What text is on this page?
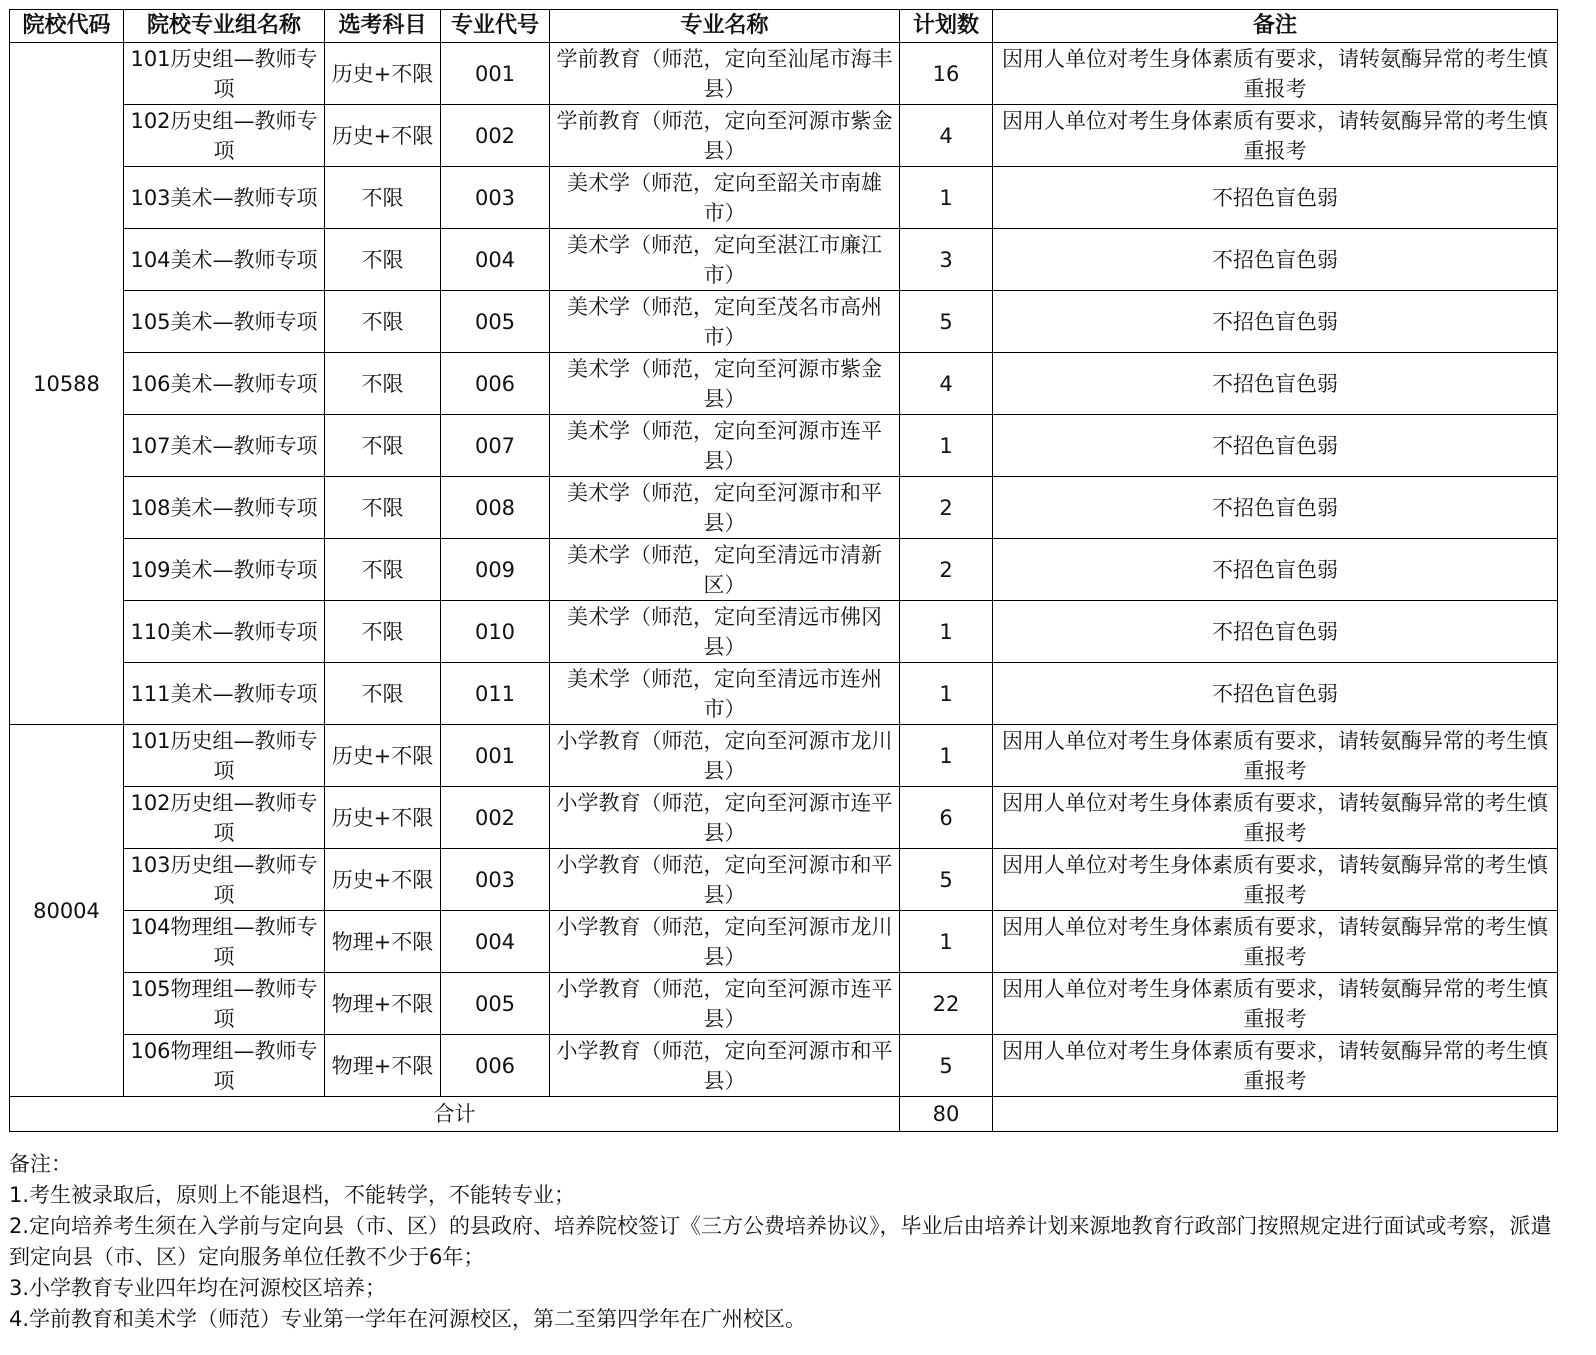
院校代码	院校专业组名称	选考科目	专业代号	专业名称	计划数	备注
10588	101历史组—教师专项	历史+不限	001	学前教育（师范，定向至汕尾市海丰县）	16	因用人单位对考生身体素质有要求，请转氨酶异常的考生慎重报考
	102历史组—教师专项	历史+不限	002	学前教育（师范，定向至河源市紫金县）	4	因用人单位对考生身体素质有要求，请转氨酶异常的考生慎重报考
	103美术—教师专项	不限	003	美术学（师范，定向至韶关市南雄市）	1	不招色盲色弱
	104美术—教师专项	不限	004	美术学（师范，定向至湛江市廉江市）	3	不招色盲色弱
	105美术—教师专项	不限	005	美术学（师范，定向至茂名市高州市）	5	不招色盲色弱
	106美术—教师专项	不限	006	美术学（师范，定向至河源市紫金县）	4	不招色盲色弱
	107美术—教师专项	不限	007	美术学（师范，定向至河源市连平县）	1	不招色盲色弱
	108美术—教师专项	不限	008	美术学（师范，定向至河源市和平县）	2	不招色盲色弱
	109美术—教师专项	不限	009	美术学（师范，定向至清远市清新区）	2	不招色盲色弱
	110美术—教师专项	不限	010	美术学（师范，定向至清远市佛冈县）	1	不招色盲色弱
	111美术—教师专项	不限	011	美术学（师范，定向至清远市连州市）	1	不招色盲色弱
80004	101历史组—教师专项	历史+不限	001	小学教育（师范，定向至河源市龙川县）	1	因用人单位对考生身体素质有要求，请转氨酶异常的考生慎重报考
	102历史组—教师专项	历史+不限	002	小学教育（师范，定向至河源市连平县）	6	因用人单位对考生身体素质有要求，请转氨酶异常的考生慎重报考
	103历史组—教师专项	历史+不限	003	小学教育（师范，定向至河源市和平县）	5	因用人单位对考生身体素质有要求，请转氨酶异常的考生慎重报考
	104物理组—教师专项	物理+不限	004	小学教育（师范，定向至河源市龙川县）	1	因用人单位对考生身体素质有要求，请转氨酶异常的考生慎重报考
	105物理组—教师专项	物理+不限	005	小学教育（师范，定向至河源市连平县）	22	因用人单位对考生身体素质有要求，请转氨酶异常的考生慎重报考
	106物理组—教师专项	物理+不限	006	小学教育（师范，定向至河源市和平县）	5	因用人单位对考生身体素质有要求，请转氨酶异常的考生慎重报考
合计					80	
备注：
1.考生被录取后，原则上不能退档，不能转学，不能转专业；
2.定向培养考生须在入学前与定向县（市、区）的县政府、培养院校签订《三方公费培养协议》，毕业后由培养计划来源地教育行政部门按照规定进行面试或考察，派遣到定向县（市、区）定向服务单位任教不少于6年；
3.小学教育专业四年均在河源校区培养；
4.学前教育和美术学（师范）专业第一学年在河源校区，第二至第四学年在广州校区。
